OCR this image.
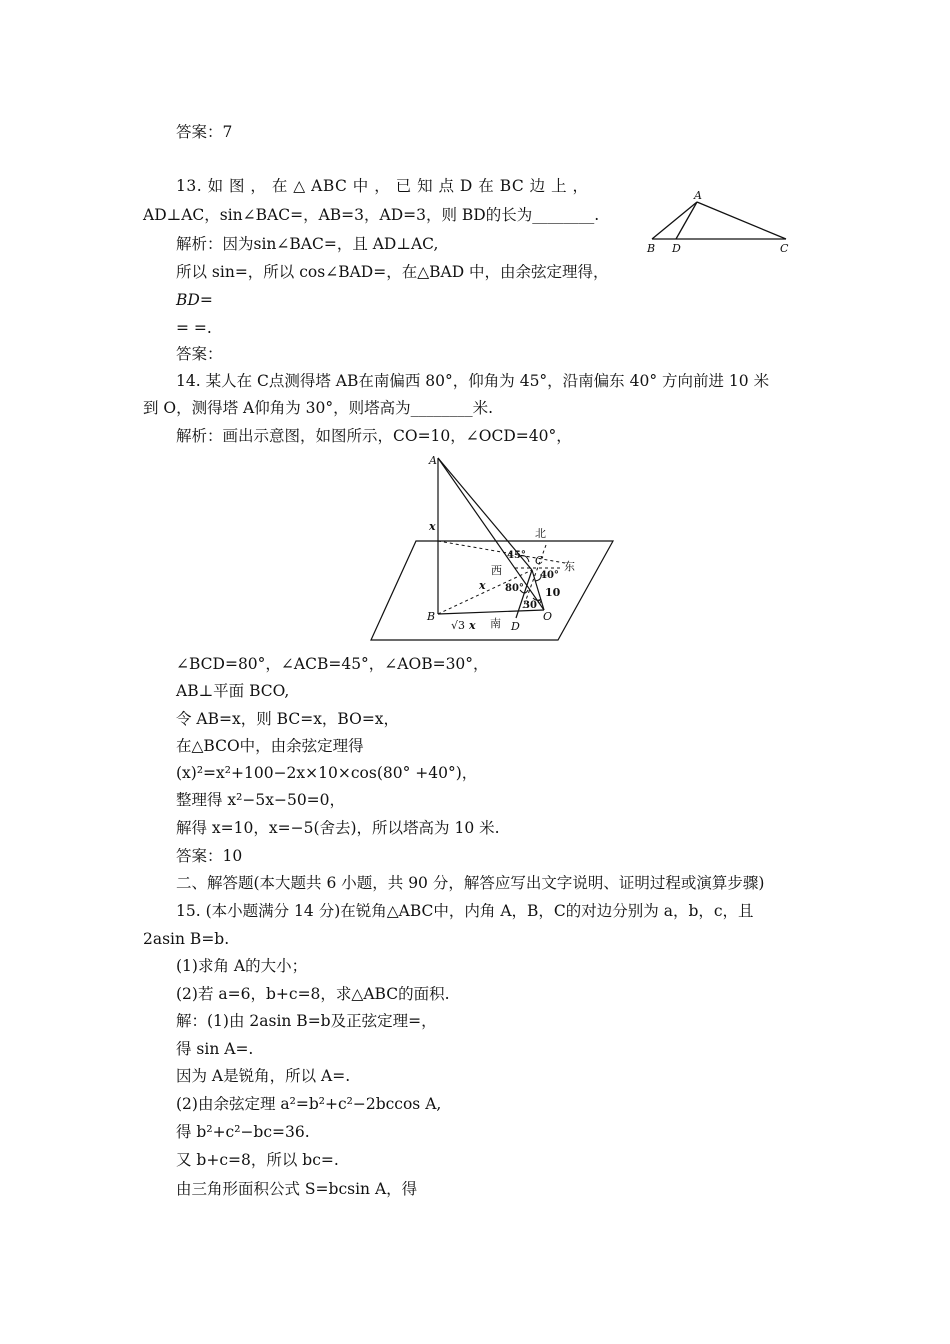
答案：7
13. 如 图 ， 在 △ ABC 中 ， 已 知 点 D 在 BC 边 上 ，
AD⊥AC，sin∠BAC=，AB=3，AD=3，则 BD的长为________.
解析：因为sin∠BAC=，且 AD⊥AC,
所以 sin=，所以 cos∠BAD=，在△BAD 中，由余弦定理得，
BD=
= =.
答案：
14. 某人在 C点测得塔 AB在南偏西 80°，仰角为 45°，沿南偏东 40° 方向前进 10 米
到 O，测得塔 A仰角为 30°，则塔高为________米.
解析：画出示意图，如图所示，CO=10，∠OCD=40°，
∠BCD=80°，∠ACB=45°，∠AOB=30°，
AB⊥平面 BCO,
令 AB=x，则 BC=x，BO=x，
在△BCO中，由余弦定理得
(x)²=x²+100−2x×10×cos(80° +40°)，
整理得 x²−5x−50=0，
解得 x=10，x=−5(舍去)，所以塔高为 10 米.
答案：10
二、解答题(本大题共 6 小题，共 90 分，解答应写出文字说明、证明过程或演算步骤)
15. (本小题满分 14 分)在锐角△ABC中，内角 A，B，C的对边分别为 a，b，c，且
2asin B=b.
(1)求角 A的大小；
(2)若 a=6，b+c=8，求△ABC的面积.
解：(1)由 2asin B=b及正弦定理=，
得 sin A=.
因为 A是锐角，所以 A=.
(2)由余弦定理 a²=b²+c²−2bccos A,
得 b²+c²−bc=36.
又 b+c=8，所以 bc=.
由三角形面积公式 S=bcsin A，得
A
B D	C
A
B
C
O
D
北
西	东
南
x
x
√3 x
45°
40°
80°
30°
10
